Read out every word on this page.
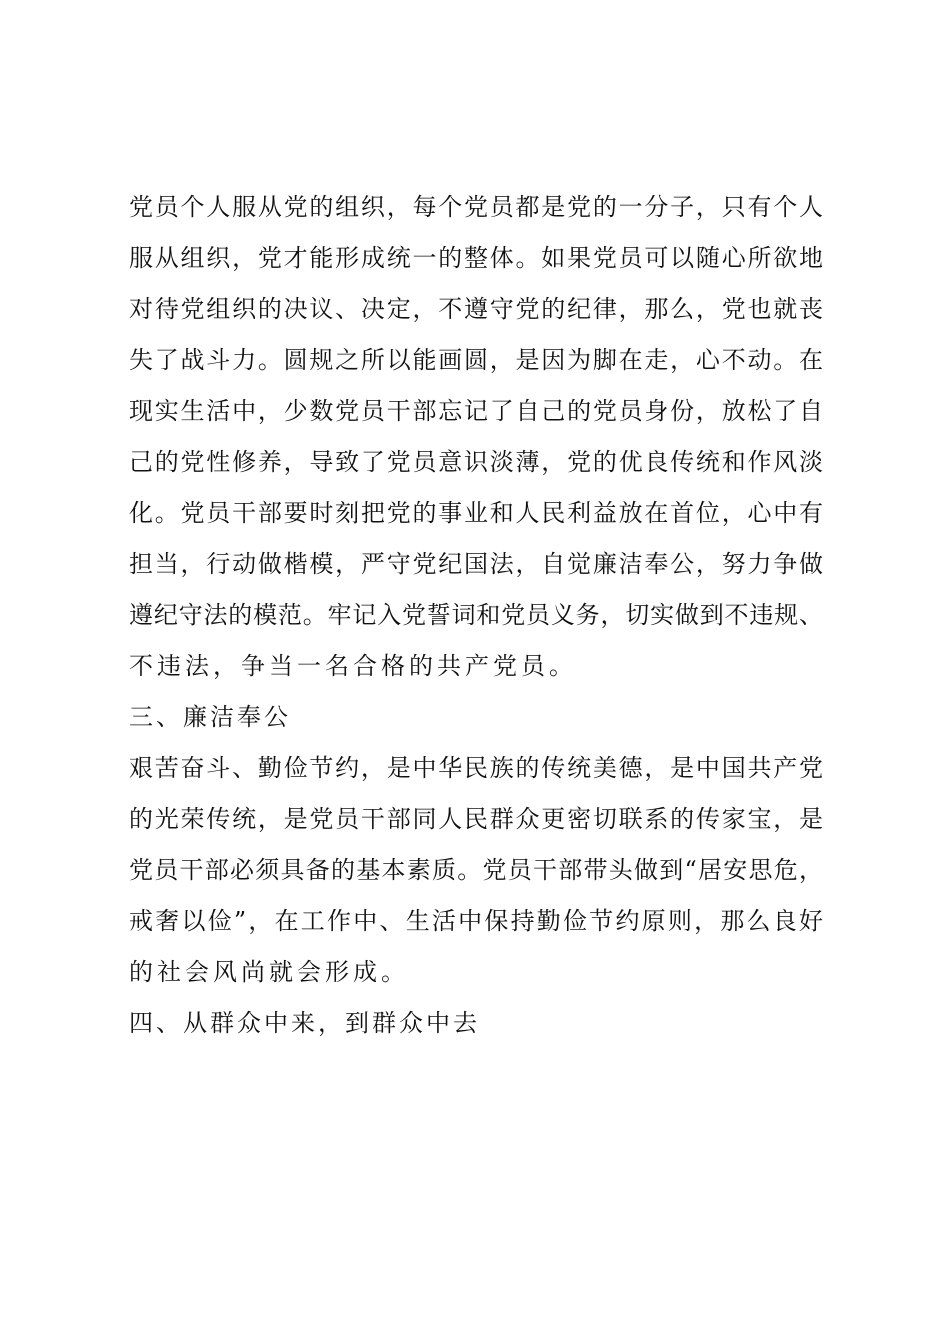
党员个人服从党的组织，每个党员都是党的一分子，只有个人
服从组织，党才能形成统一的整体。如果党员可以随心所欲地
对待党组织的决议、决定，不遵守党的纪律，那么，党也就丧
失了战斗力。圆规之所以能画圆，是因为脚在走，心不动。在
现实生活中，少数党员干部忘记了自己的党员身份，放松了自
己的党性修养，导致了党员意识淡薄，党的优良传统和作风淡
化。党员干部要时刻把党的事业和人民利益放在首位，心中有
担当，行动做楷模，严守党纪国法，自觉廉洁奉公，努力争做
遵纪守法的模范。牢记入党誓词和党员义务，切实做到不违规、
不违法，争当一名合格的共产党员。
三、廉洁奉公
艰苦奋斗、勤俭节约，是中华民族的传统美德，是中国共产党
的光荣传统，是党员干部同人民群众更密切联系的传家宝，是
党员干部必须具备的基本素质。党员干部带头做到“居安思危，
戒奢以俭”，在工作中、生活中保持勤俭节约原则，那么良好
的社会风尚就会形成。
四、从群众中来，到群众中去
